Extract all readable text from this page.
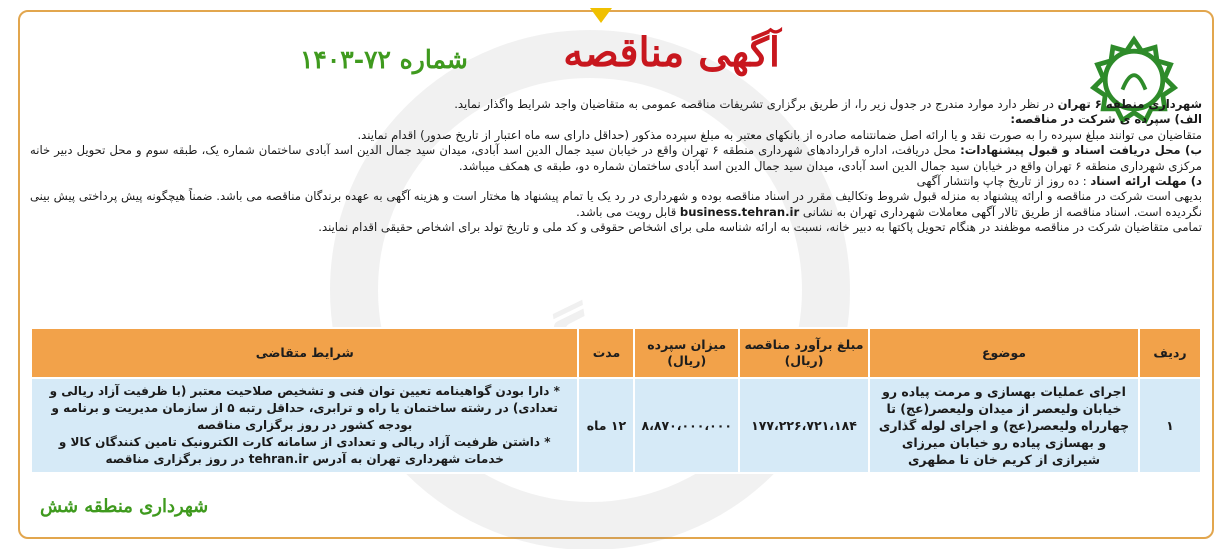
آگهی مناقصه
شماره ۷۲-۱۴۰۳

شهرداری منطقه ۶ تهران در نظر دارد موارد مندرج در جدول زیر را، از طریق برگزاری تشریفات مناقصه عمومی به متقاضیان واجد شرایط واگذار نماید.

الف) سپرده ی شرکت در مناقصه:

متقاضیان می توانند مبلغ سپرده را به صورت نقد و یا ارائه اصل ضمانتنامه صادره از بانکهای معتبر به مبلغ سپرده مذکور (حداقل دارای سه ماه اعتبار از تاریخ صدور) اقدام نمایند.

ب) محل دریافت اسناد و قبول پیشنهادات: محل دریافت، اداره قراردادهای شهرداری منطقه ۶ تهران واقع در خیابان سید جمال الدین اسد آبادی، میدان سید جمال الدین اسد آبادی ساختمان شماره یک، طبقه سوم و محل تحویل دبیر خانه مرکزی شهرداری منطقه ۶ تهران واقع در خیابان سید جمال الدین اسد آبادی، میدان سید جمال الدین اسد آبادی ساختمان شماره دو، طبقه ی همکف میباشد.

د) مهلت ارائه اسناد : ده روز از تاریخ چاپ وانتشار آگهی

بدیهی است شرکت در مناقصه و ارائه پیشنهاد به منزله قبول شروط وتکالیف مقرر در اسناد مناقصه بوده و شهرداری در رد یک یا تمام پیشنهاد ها مختار است و هزینه آگهی به عهده برندگان مناقصه می باشد. ضمناً هیچگونه پیش پرداختی پیش بینی نگردیده است. اسناد مناقصه از طریق تالار آگهی معاملات شهرداری تهران به نشانی business.tehran.ir قابل رویت می باشد.

تمامی متقاضیان شرکت در مناقصه موظفند در هنگام تحویل پاکتها به دبیر خانه، نسبت به ارائه شناسه ملی برای اشخاص حقوقی و کد ملی و تاریخ تولد برای اشخاص حقیقی اقدام نمایند.

ردیف	موضوع	مبلغ برآورد مناقصه (ریال)	میزان سپرده (ریال)	مدت	شرایط متقاضی
۱	اجرای عملیات بهسازی و مرمت پیاده رو خیابان ولیعصر از میدان ولیعصر(عج) تا چهارراه ولیعصر(عج) و اجرای لوله گذاری و بهسازی پیاده رو خیابان میرزای شیرازی از کریم خان تا مطهری	۱۷۷،۲۲۶،۷۲۱،۱۸۴	۸،۸۷۰،۰۰۰،۰۰۰	۱۲ ماه	* دارا بودن گواهینامه تعیین توان فنی و تشخیص صلاحیت معتبر (با ظرفیت آزاد ریالی و تعدادی) در رشته ساختمان یا راه و ترابری، حداقل رتبه ۵ از سازمان مدیریت و برنامه و بودجه کشور در روز برگزاری مناقصه
* داشتن ظرفیت آزاد ریالی و تعدادی از سامانه کارت الکترونیک تامین کنندگان کالا و خدمات شهرداری تهران به آدرس tehran.ir در روز برگزاری مناقصه
شهرداری منطقه شش
